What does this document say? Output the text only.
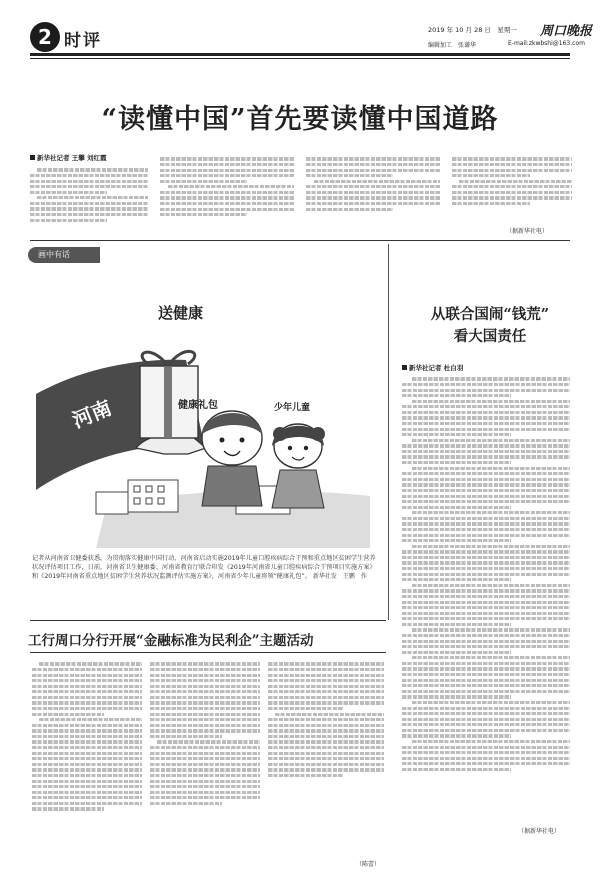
2 时评
2019 年 10 月 28 日　星期一 周口晚报
编辑加工　张谦华	E-mail:zkwbshi@163.com
“读懂中国”首先要读懂中国道路
新华社记者 王攀 刘红霞
（据新华社电）
画中有话
送健康
河南	健康礼包	少年儿童
记者从河南省卫健委获悉，为贯彻落实健康中国行动，河南省启动实施2019年儿童口腔疾病综合干预和重点地区贫困学生营养状况评估项目工作，日前，河南省卫生健康委、河南省教育厅联合印发《2019年河南省儿童口腔疾病综合干预项目实施方案》和《2019年河南省重点地区贫困学生营养状况监测评估实施方案》，河南省少年儿童将领“健康礼包”。 新华社发　王鹏　作
从联合国闹“钱荒”
看大国责任
新华社记者 杜白羽
（据新华社电）
工行周口分行开展“金融标准为民利企”主题活动
（陈蕾）
